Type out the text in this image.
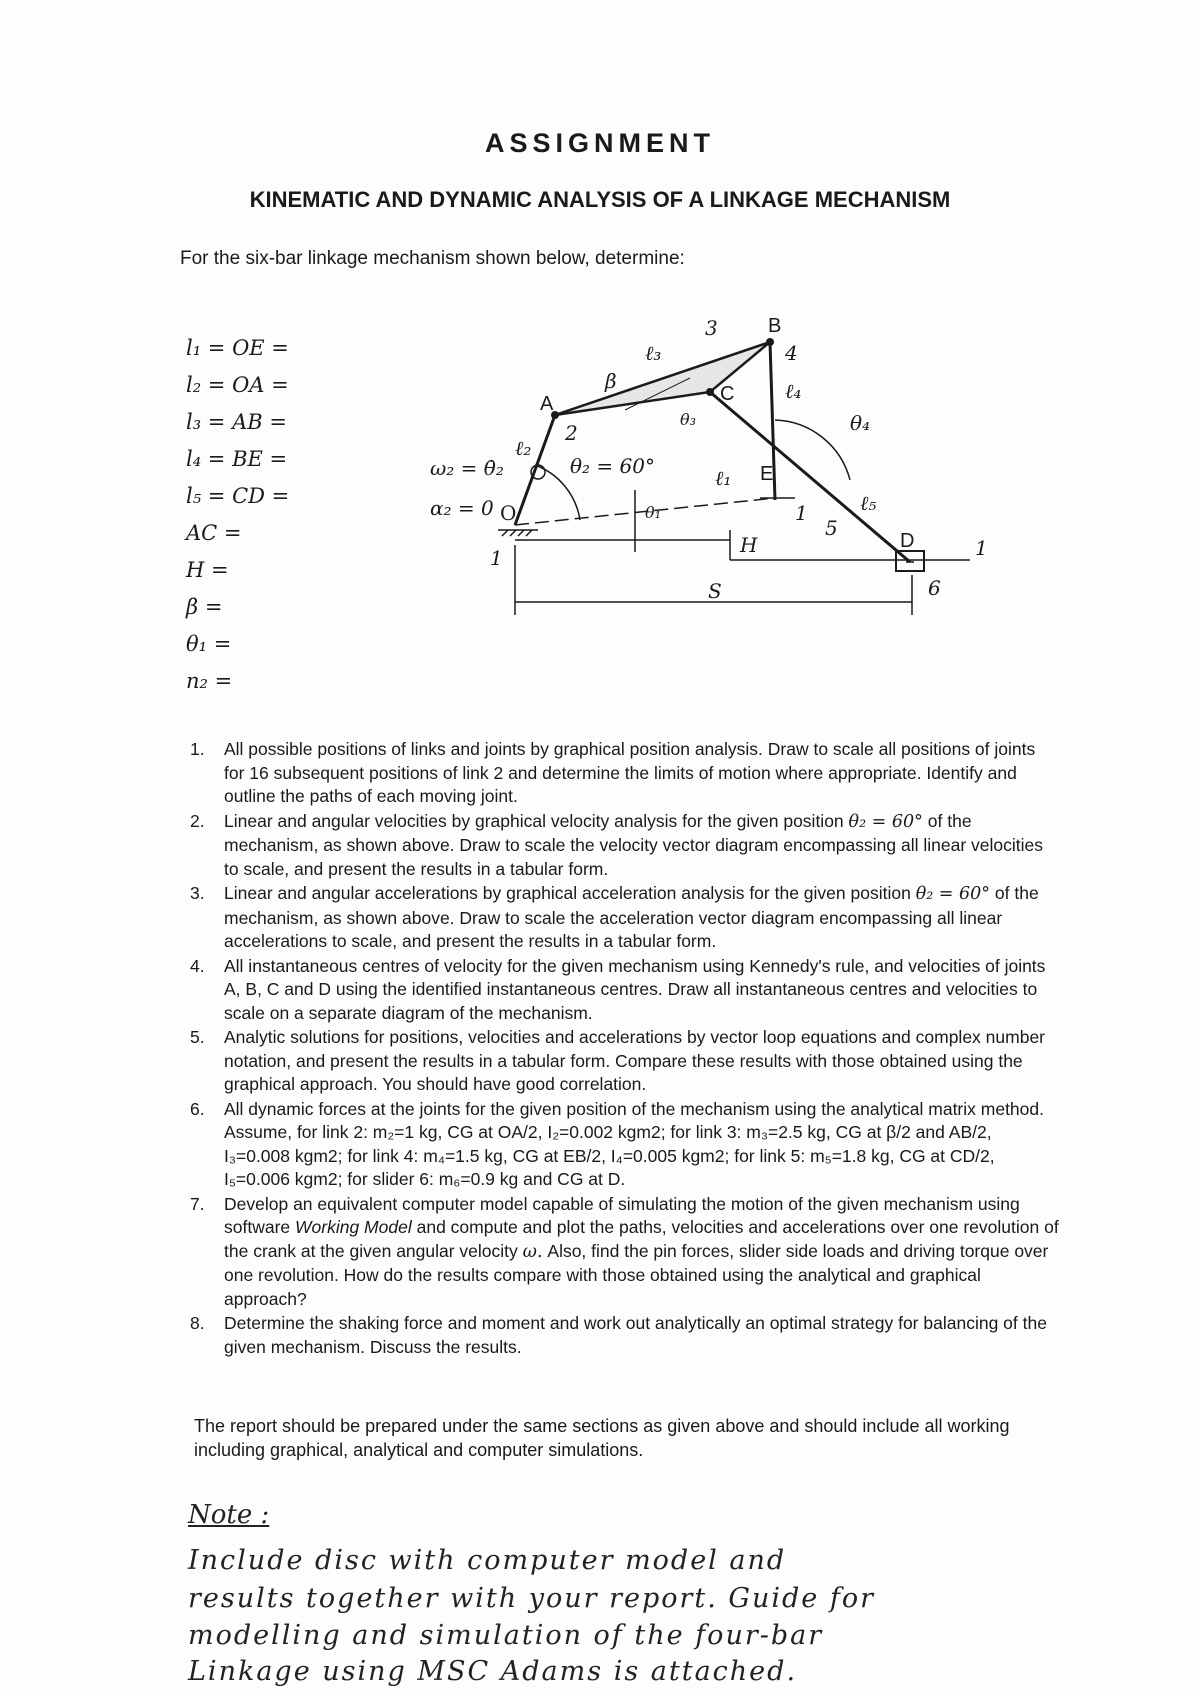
ASSIGNMENT
KINEMATIC AND DYNAMIC ANALYSIS OF A LINKAGE MECHANISM
For the six-bar linkage mechanism shown below, determine:
l₁ = OE =
l₂ = OA =
l₃ = AB =
l₄ = BE =
l₅ = CD =
AC =
H =
β =
θ₁ =
n₂ =
ω₂ = θ̇₂
α₂ = 0
θ₂ = 60°
O
A
B
C
D
E
H
S
β
θ₁
θ₃	θ₄
ℓ₁
ℓ₂
ℓ₃
ℓ₄
ℓ₅
1
1
1
2
3
4
5
6
1. All possible positions of links and joints by graphical position analysis. Draw to scale all positions of joints for 16 subsequent positions of link 2 and determine the limits of motion where appropriate. Identify and outline the paths of each moving joint.
2. Linear and angular velocities by graphical velocity analysis for the given position θ₂ = 60° of the mechanism, as shown above. Draw to scale the velocity vector diagram encompassing all linear velocities to scale, and present the results in a tabular form.
3. Linear and angular accelerations by graphical acceleration analysis for the given position θ₂ = 60° of the mechanism, as shown above. Draw to scale the acceleration vector diagram encompassing all linear accelerations to scale, and present the results in a tabular form.
4. All instantaneous centres of velocity for the given mechanism using Kennedy's rule, and velocities of joints A, B, C and D using the identified instantaneous centres. Draw all instantaneous centres and velocities to scale on a separate diagram of the mechanism.
5. Analytic solutions for positions, velocities and accelerations by vector loop equations and complex number notation, and present the results in a tabular form. Compare these results with those obtained using the graphical approach. You should have good correlation.
6. All dynamic forces at the joints for the given position of the mechanism using the analytical matrix method. Assume, for link 2: m₂=1 kg, CG at OA/2, I₂=0.002 kgm2; for link 3: m₃=2.5 kg, CG at β/2 and AB/2, I₃=0.008 kgm2; for link 4: m₄=1.5 kg, CG at EB/2, I₄=0.005 kgm2; for link 5: m₅=1.8 kg, CG at CD/2, I₅=0.006 kgm2; for slider 6: m₆=0.9 kg and CG at D.
7. Develop an equivalent computer model capable of simulating the motion of the given mechanism using software Working Model and compute and plot the paths, velocities and accelerations over one revolution of the crank at the given angular velocity ω. Also, find the pin forces, slider side loads and driving torque over one revolution. How do the results compare with those obtained using the analytical and graphical approach?
8. Determine the shaking force and moment and work out analytically an optimal strategy for balancing of the given mechanism. Discuss the results.
The report should be prepared under the same sections as given above and should include all working including graphical, analytical and computer simulations.
Note :
Include disc with computer model and
results together with your report. Guide for
modelling and simulation of the four-bar
Linkage using MSC Adams is attached.
